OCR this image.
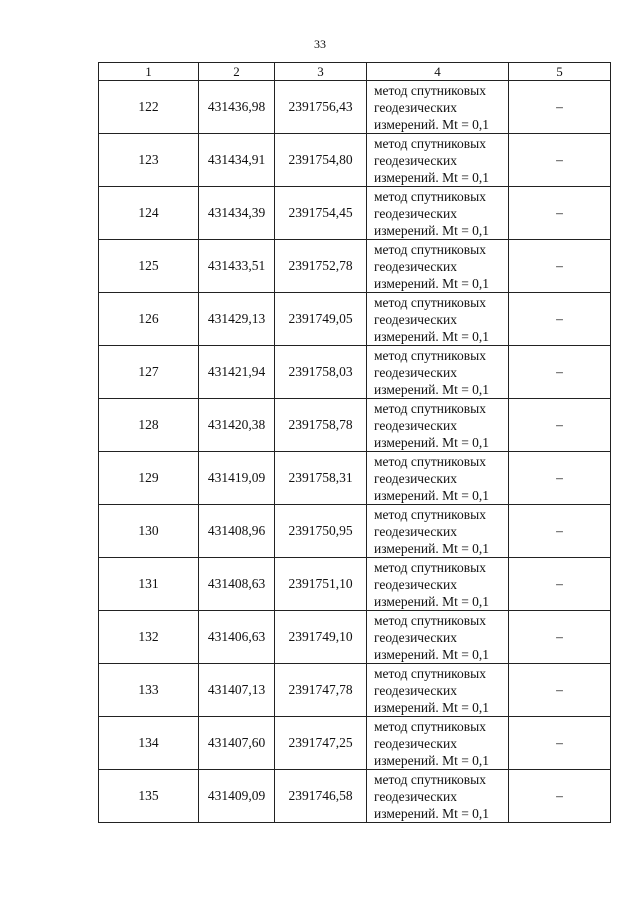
33
1	2	3	4	5
122	431436,98	2391756,43	метод спутниковых
геодезических
измерений. Mt = 0,1	–
123	431434,91	2391754,80	метод спутниковых
геодезических
измерений. Mt = 0,1	–
124	431434,39	2391754,45	метод спутниковых
геодезических
измерений. Mt = 0,1	–
125	431433,51	2391752,78	метод спутниковых
геодезических
измерений. Mt = 0,1	–
126	431429,13	2391749,05	метод спутниковых
геодезических
измерений. Mt = 0,1	–
127	431421,94	2391758,03	метод спутниковых
геодезических
измерений. Mt = 0,1	–
128	431420,38	2391758,78	метод спутниковых
геодезических
измерений. Mt = 0,1	–
129	431419,09	2391758,31	метод спутниковых
геодезических
измерений. Mt = 0,1	–
130	431408,96	2391750,95	метод спутниковых
геодезических
измерений. Mt = 0,1	–
131	431408,63	2391751,10	метод спутниковых
геодезических
измерений. Mt = 0,1	–
132	431406,63	2391749,10	метод спутниковых
геодезических
измерений. Mt = 0,1	–
133	431407,13	2391747,78	метод спутниковых
геодезических
измерений. Mt = 0,1	–
134	431407,60	2391747,25	метод спутниковых
геодезических
измерений. Mt = 0,1	–
135	431409,09	2391746,58	метод спутниковых
геодезических
измерений. Mt = 0,1	–
